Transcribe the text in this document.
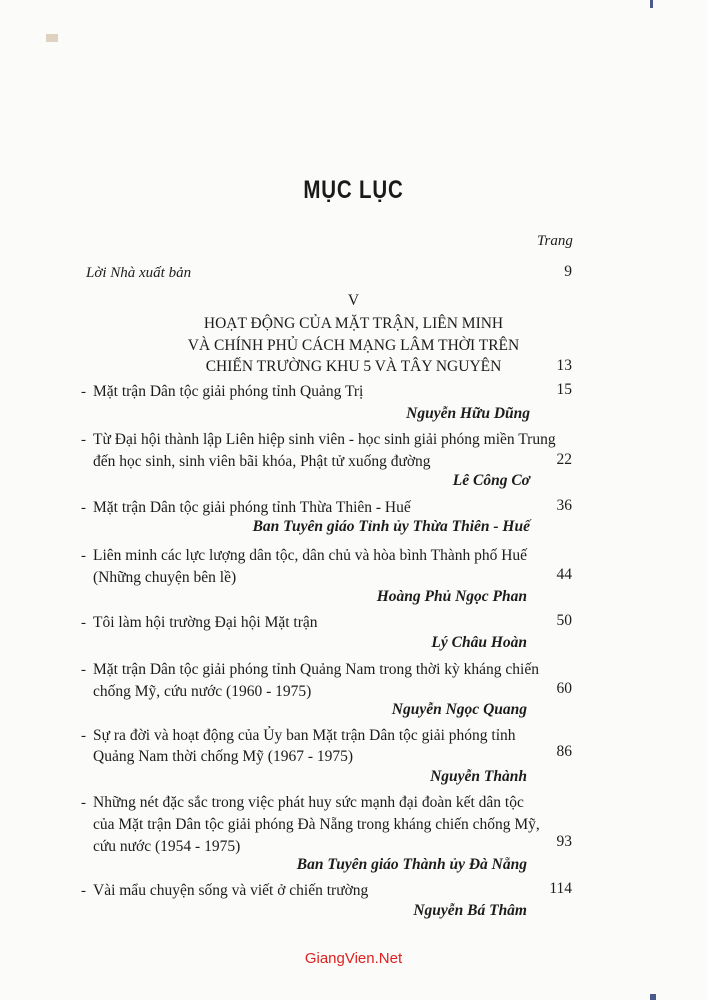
MỤC LỤC
Trang
Lời Nhà xuất bản	9
V
HOẠT ĐỘNG CỦA MẶT TRẬN, LIÊN MINH
VÀ CHÍNH PHỦ CÁCH MẠNG LÂM THỜI TRÊN
CHIẾN TRƯỜNG KHU 5 VÀ TÂY NGUYÊN	13
- Mặt trận Dân tộc giải phóng tỉnh Quảng Trị	15
Nguyễn Hữu Dũng
- Từ Đại hội thành lập Liên hiệp sinh viên - học sinh giải phóng miền Trung
đến học sinh, sinh viên bãi khóa, Phật tử xuống đường	22
Lê Công Cơ
- Mặt trận Dân tộc giải phóng tỉnh Thừa Thiên - Huế	36
Ban Tuyên giáo Tỉnh ủy Thừa Thiên - Huế
- Liên minh các lực lượng dân tộc, dân chủ và hòa bình Thành phố Huế
(Những chuyện bên lề)	44
Hoàng Phủ Ngọc Phan
- Tôi làm hội trường Đại hội Mặt trận	50
Lý Châu Hoàn
- Mặt trận Dân tộc giải phóng tỉnh Quảng Nam trong thời kỳ kháng chiến
chống Mỹ, cứu nước (1960 - 1975)	60
Nguyễn Ngọc Quang
- Sự ra đời và hoạt động của Ủy ban Mặt trận Dân tộc giải phóng tỉnh
Quảng Nam thời chống Mỹ (1967 - 1975)	86
Nguyễn Thành
- Những nét đặc sắc trong việc phát huy sức mạnh đại đoàn kết dân tộc
của Mặt trận Dân tộc giải phóng Đà Nẵng trong kháng chiến chống Mỹ,
cứu nước (1954 - 1975)	93
Ban Tuyên giáo Thành ủy Đà Nẵng
- Vài mẩu chuyện sống và viết ở chiến trường	114
Nguyễn Bá Thâm
GiangVien.Net
